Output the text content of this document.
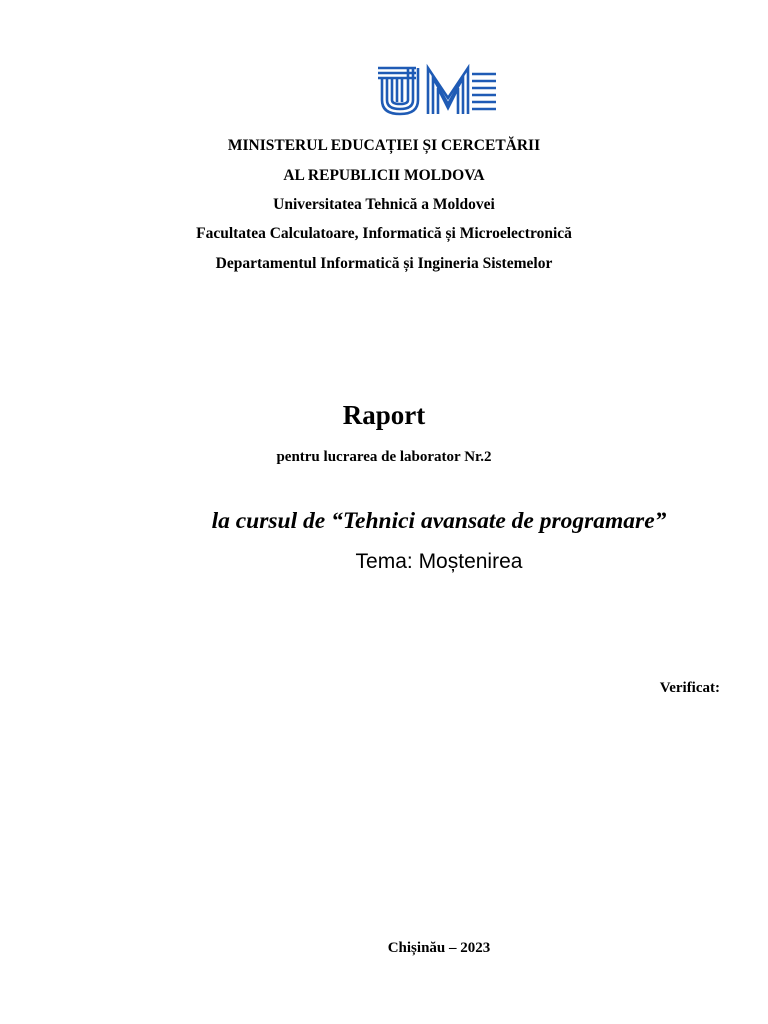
MINISTERUL EDUCAȚIEI ȘI CERCETĂRII
AL REPUBLICII MOLDOVA
Universitatea Tehnică a Moldovei
Facultatea Calculatoare, Informatică și Microelectronică
Departamentul Informatică și Ingineria Sistemelor
Raport
pentru lucrarea de laborator Nr.2
la cursul de “Tehnici avansate de programare”
Tema: Moștenirea
Verificat:
Chișinău – 2023
